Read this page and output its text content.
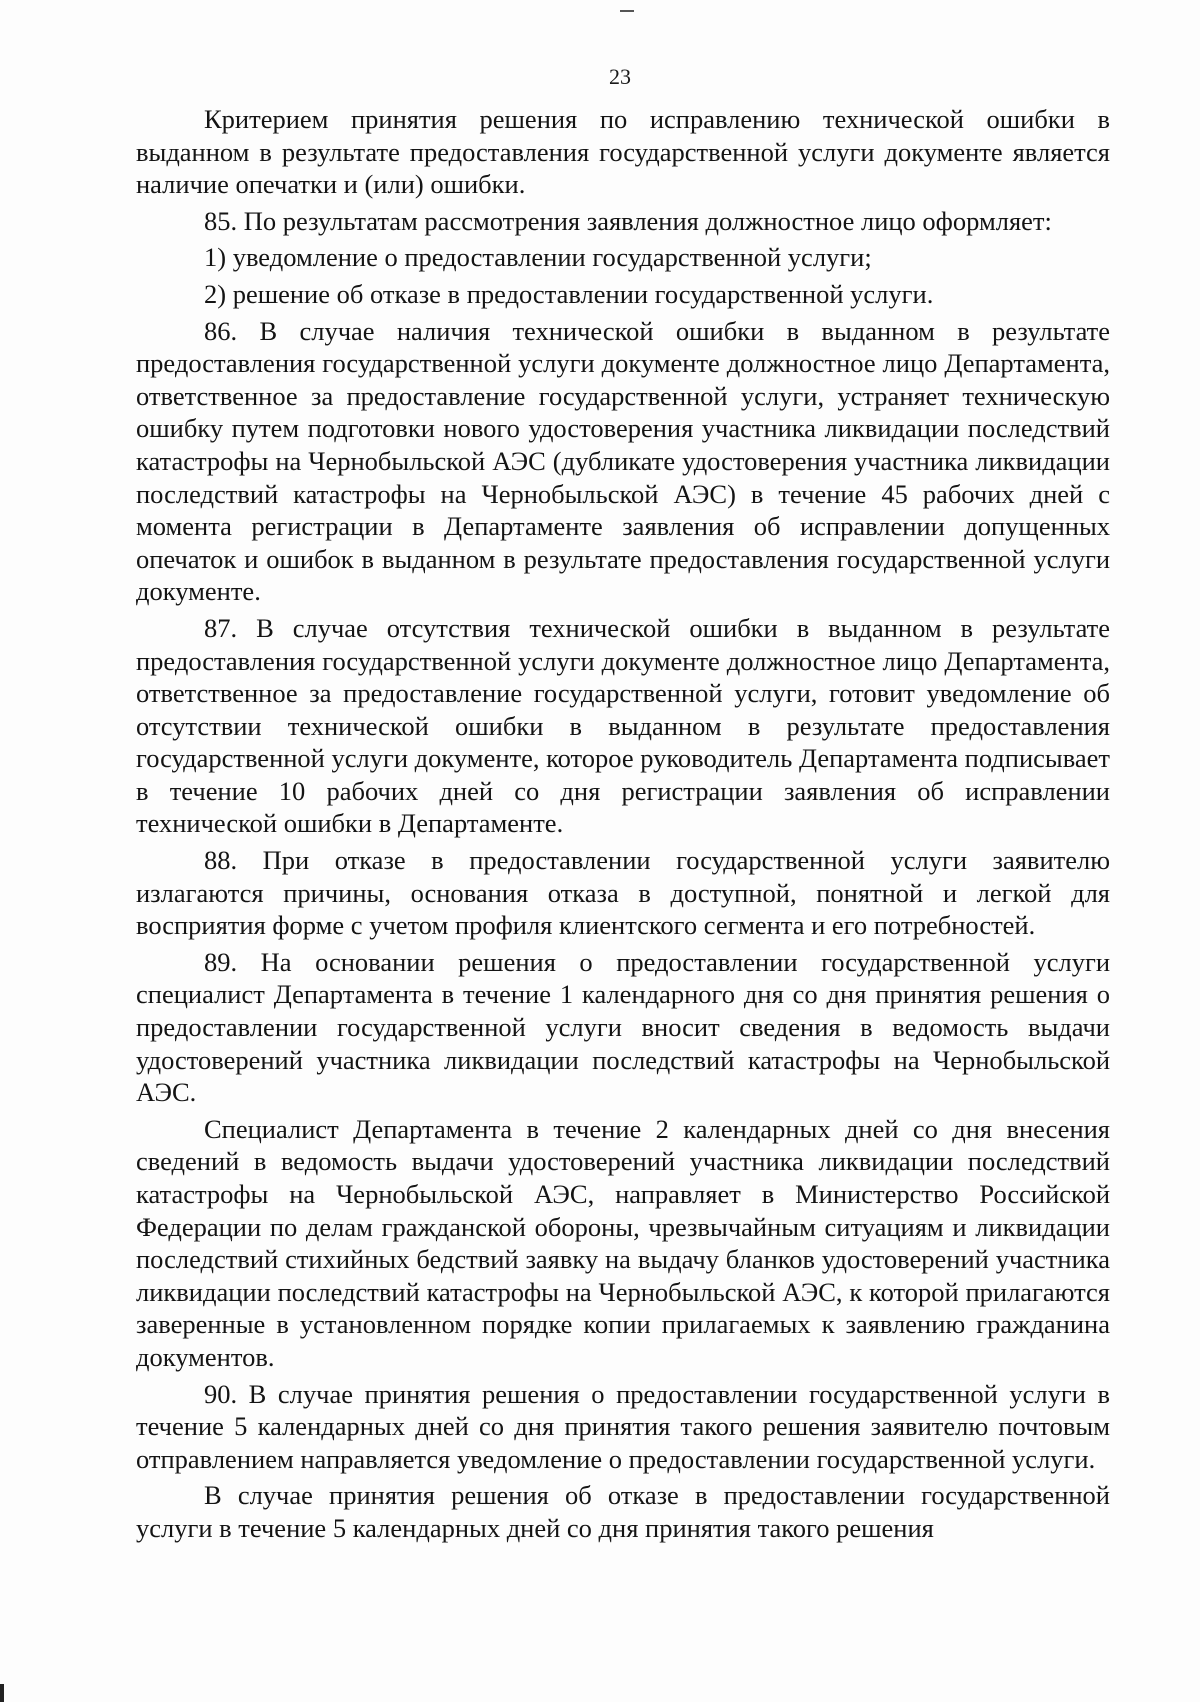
23

Критерием принятия решения по исправлению технической ошибки в выданном в результате предоставления государственной услуги документе является наличие опечатки и (или) ошибки.

85. По результатам рассмотрения заявления должностное лицо оформляет:

1) уведомление о предоставлении государственной услуги;

2) решение об отказе в предоставлении государственной услуги.

86. В случае наличия технической ошибки в выданном в результате предоставления государственной услуги документе должностное лицо Департамента, ответственное за предоставление государственной услуги, устраняет техническую ошибку путем подготовки нового удостоверения участника ликвидации последствий катастрофы на Чернобыльской АЭС (дубликате удостоверения участника ликвидации последствий катастрофы на Чернобыльской АЭС) в течение 45 рабочих дней с момента регистрации в Департаменте заявления об исправлении допущенных опечаток и ошибок в выданном в результате предоставления государственной услуги документе.

87. В случае отсутствия технической ошибки в выданном в результате предоставления государственной услуги документе должностное лицо Департамента, ответственное за предоставление государственной услуги, готовит уведомление об отсутствии технической ошибки в выданном в результате предоставления государственной услуги документе, которое руководитель Департамента подписывает в течение 10 рабочих дней со дня регистрации заявления об исправлении технической ошибки в Департаменте.

88. При отказе в предоставлении государственной услуги заявителю излагаются причины, основания отказа в доступной, понятной и легкой для восприятия форме с учетом профиля клиентского сегмента и его потребностей.

89. На основании решения о предоставлении государственной услуги специалист Департамента в течение 1 календарного дня со дня принятия решения о предоставлении государственной услуги вносит сведения в ведомость выдачи удостоверений участника ликвидации последствий катастрофы на Чернобыльской АЭС.

Специалист Департамента в течение 2 календарных дней со дня внесения сведений в ведомость выдачи удостоверений участника ликвидации последствий катастрофы на Чернобыльской АЭС, направляет в Министерство Российской Федерации по делам гражданской обороны, чрезвычайным ситуациям и ликвидации последствий стихийных бедствий заявку на выдачу бланков удостоверений участника ликвидации последствий катастрофы на Чернобыльской АЭС, к которой прилагаются заверенные в установленном порядке копии прилагаемых к заявлению гражданина документов.

90. В случае принятия решения о предоставлении государственной услуги в течение 5 календарных дней со дня принятия такого решения заявителю почтовым отправлением направляется уведомление о предоставлении государственной услуги.

В случае принятия решения об отказе в предоставлении государственной услуги в течение 5 календарных дней со дня принятия такого решения
